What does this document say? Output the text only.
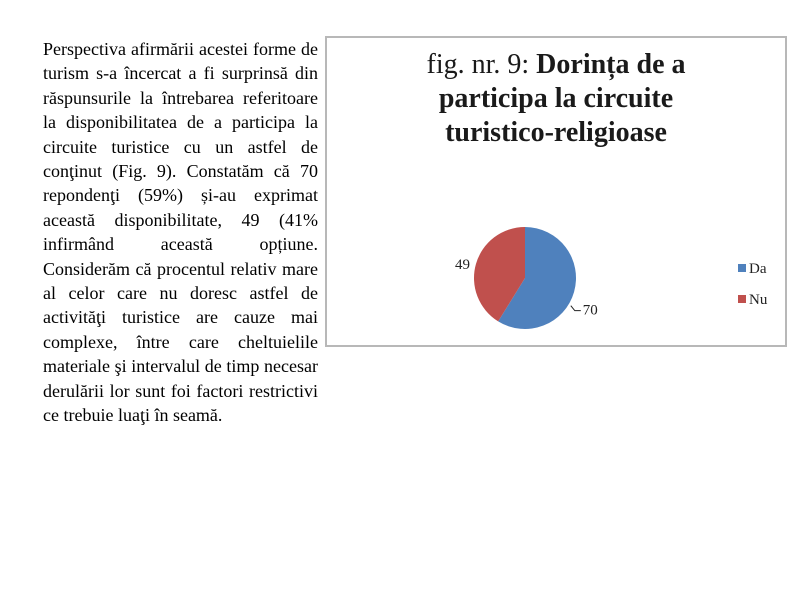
Perspectiva afirmării acestei forme de turism s-a încercat a fi surprinsă din răspunsurile la întrebarea referitoare la disponibilitatea de a participa la circuite turistice cu un astfel de conţinut (Fig. 9). Constatăm că 70 repondenţi (59%) și-au exprimat această disponibilitate, 49 (41% infirmând această opțiune. Considerăm că procentul relativ mare al celor care nu doresc astfel de activităţi turistice are cauze mai complexe, între care cheltuielile materiale şi intervalul de timp necesar derulării lor sunt foi factori restrictivi ce trebuie luaţi în seamă.

fig. nr. 9: Dorința de a
participa la circuite
turistico-religioase
70
49	Da
Nu
